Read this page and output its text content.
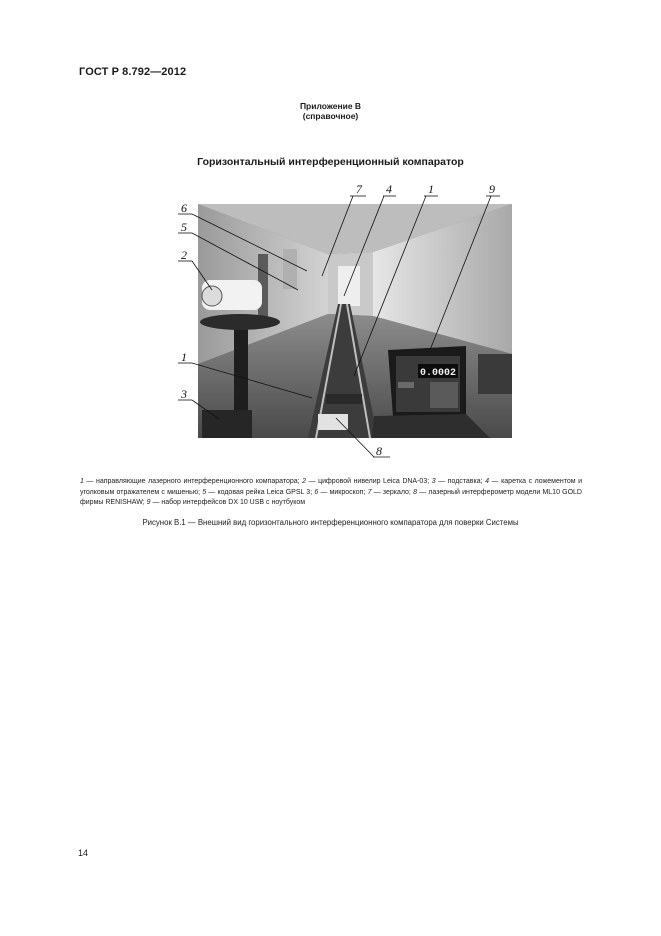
ГОСТ Р 8.792—2012
Приложение В
(справочное)
Горизонтальный интерференционный компаратор
0.0002
7 4	1	9
6
5
2
1
3
8
1 — направляющие лазерного интерференционного компаратора; 2 — цифровой нивелир Leica DNA-03; 3 — подставка; 4 — каретка с ложементом и уголковым отражателем с мишенью; 5 — кодовая рейка Leica GPSL 3; 6 — микроскоп; 7 — зеркало; 8 — лазерный интерферометр модели ML10 GOLD фирмы RENISHAW; 9 — набор интерфейсов DX 10 USB с ноутбуком
Рисунок В.1 — Внешний вид горизонтального интерференционного компаратора для поверки Системы
14
